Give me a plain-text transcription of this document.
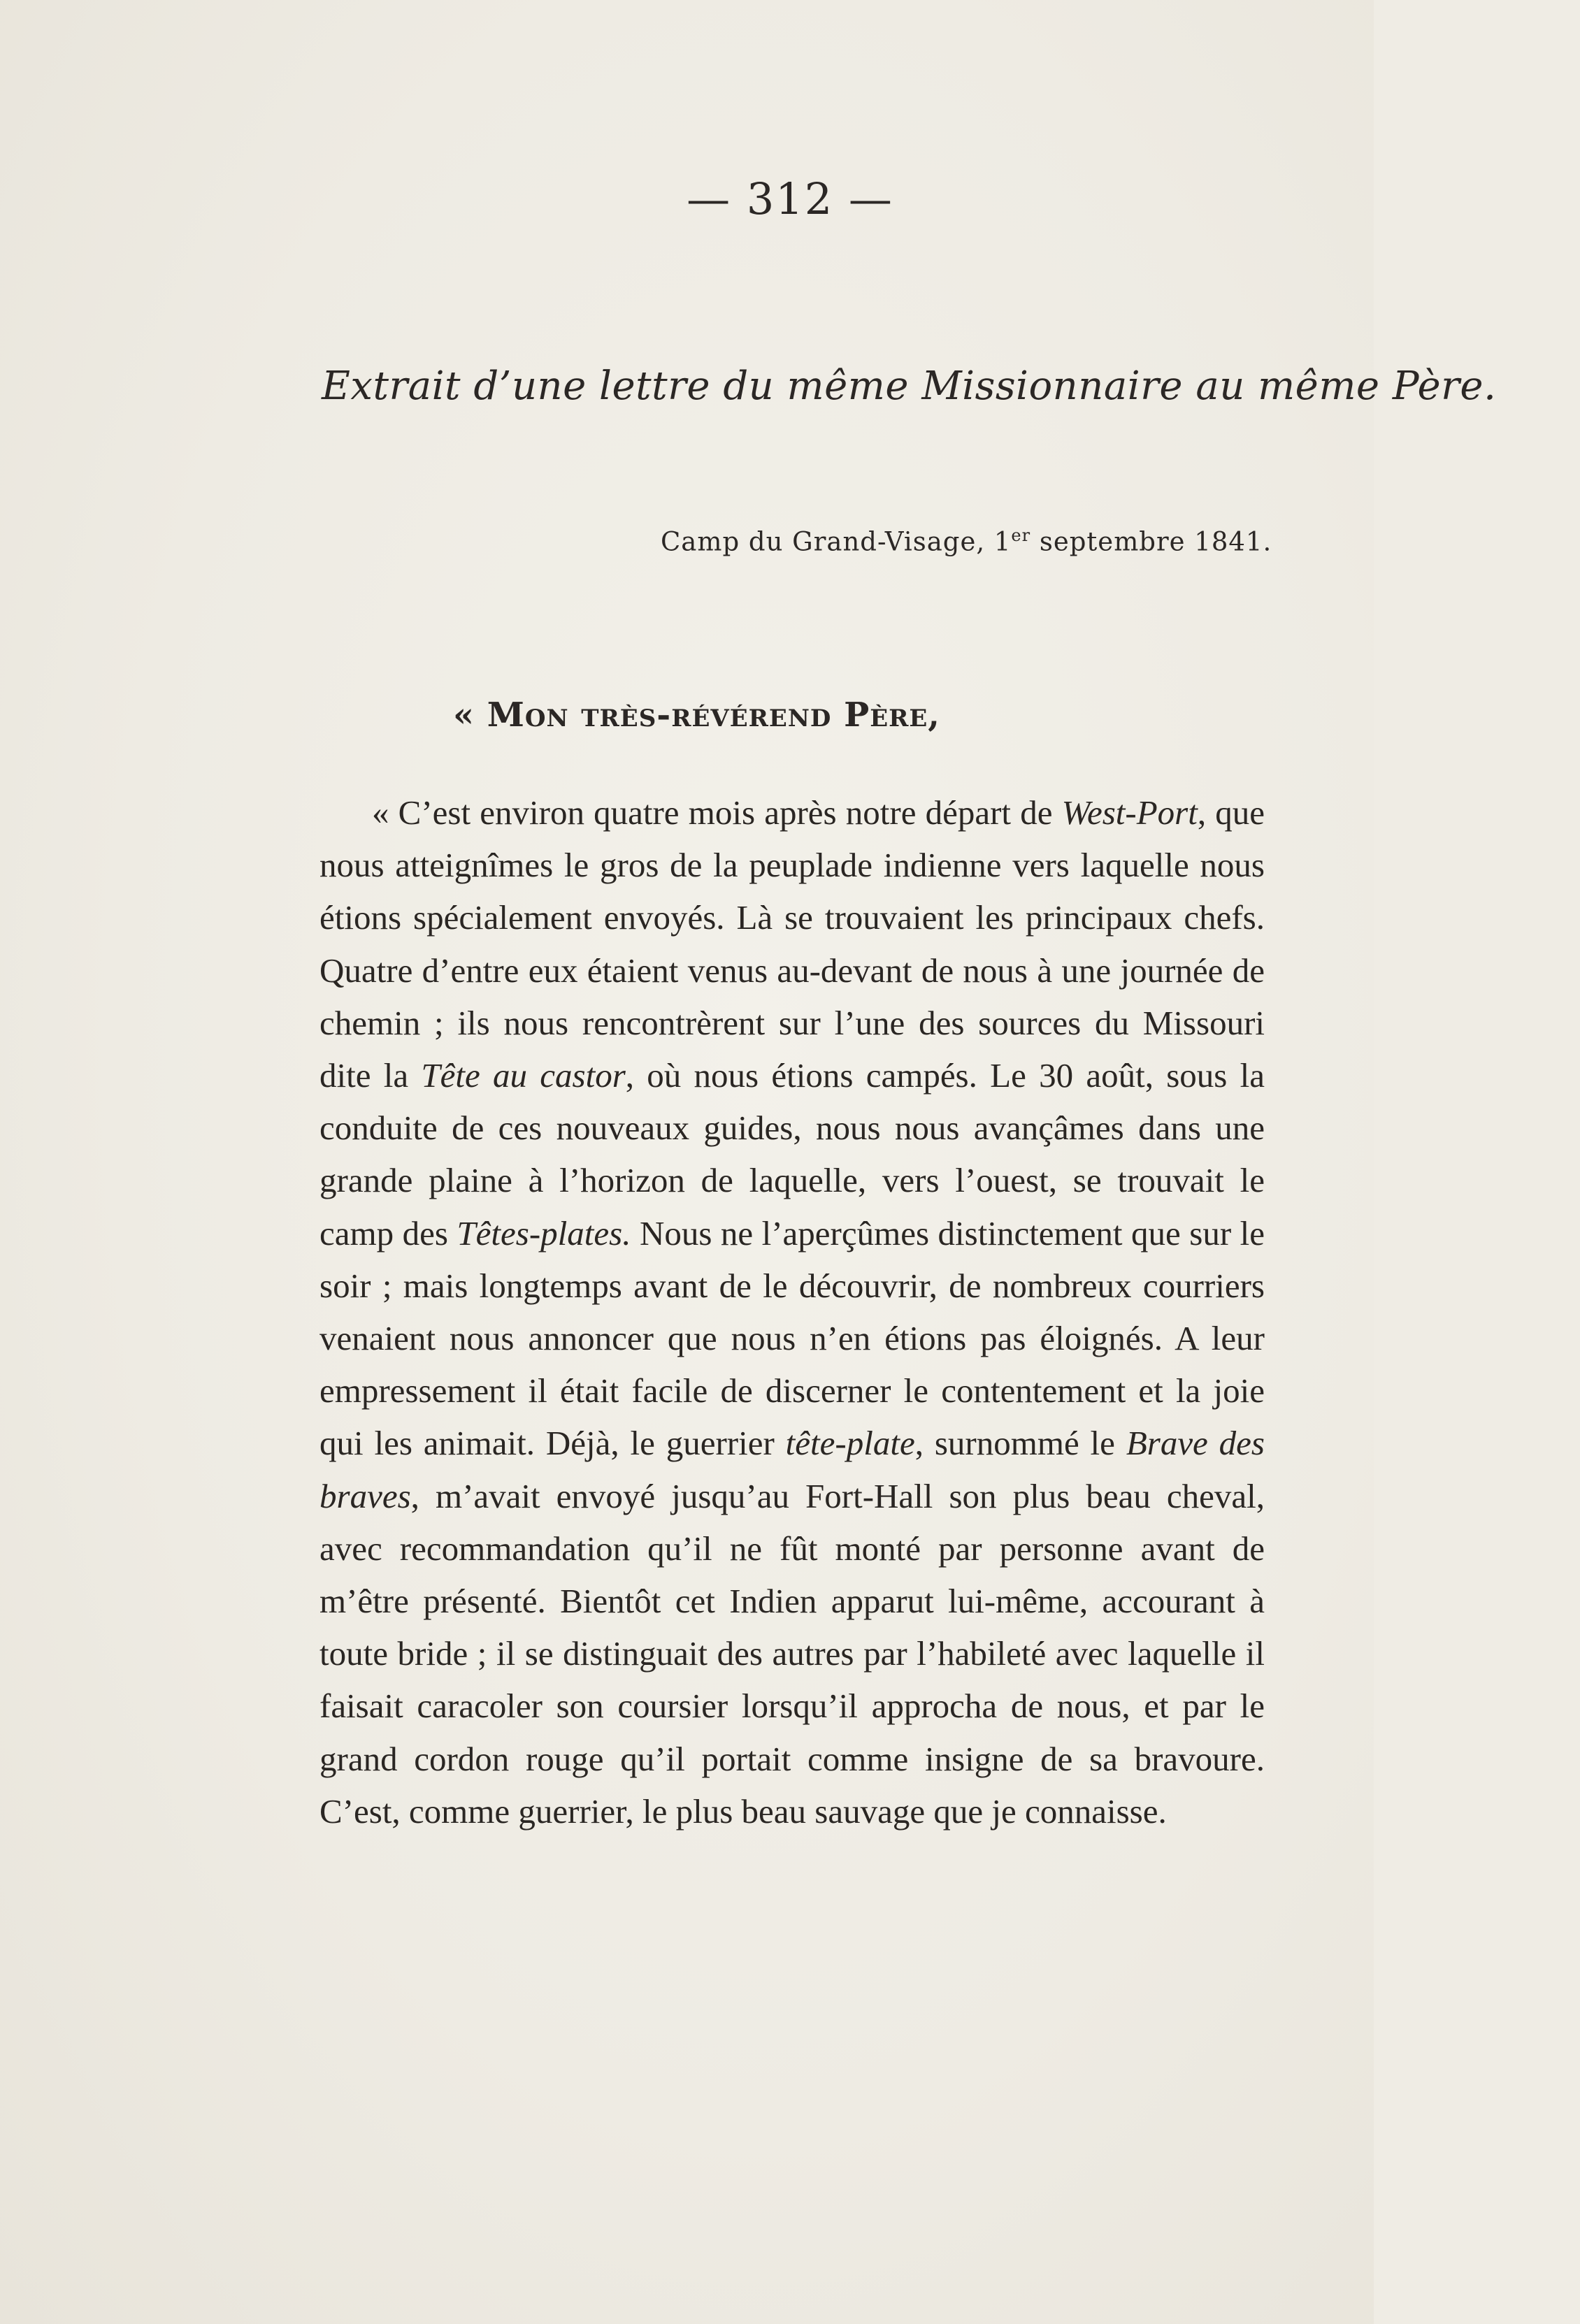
— 312 —
Extrait d’une lettre du même Missionnaire au même Père.
Camp du Grand-Visage, 1er septembre 1841.
« Mon très-révérend Père,

« C’est environ quatre mois après notre départ de West-Port, que nous atteignîmes le gros de la peuplade indienne vers laquelle nous étions spécialement envoyés. Là se trouvaient les principaux chefs. Quatre d’entre eux étaient venus au-devant de nous à une journée de chemin ; ils nous rencontrèrent sur l’une des sources du Missouri dite la Tête au castor, où nous étions campés. Le 30 août, sous la conduite de ces nouveaux guides, nous nous avançâmes dans une grande plaine à l’horizon de laquelle, vers l’ouest, se trouvait le camp des Têtes-plates. Nous ne l’aperçûmes distinctement que sur le soir ; mais longtemps avant de le découvrir, de nombreux courriers venaient nous annoncer que nous n’en étions pas éloignés. A leur empressement il était facile de discerner le contentement et la joie qui les animait. Déjà, le guerrier tête-plate, surnommé le Brave des braves, m’avait envoyé jusqu’au Fort-Hall son plus beau cheval, avec recommandation qu’il ne fût monté par personne avant de m’être présenté. Bientôt cet Indien apparut lui-même, accourant à toute bride ; il se distinguait des autres par l’habileté avec laquelle il faisait caracoler son coursier lorsqu’il approcha de nous, et par le grand cordon rouge qu’il portait comme insigne de sa bravoure. C’est, comme guerrier, le plus beau sauvage que je connaisse.
